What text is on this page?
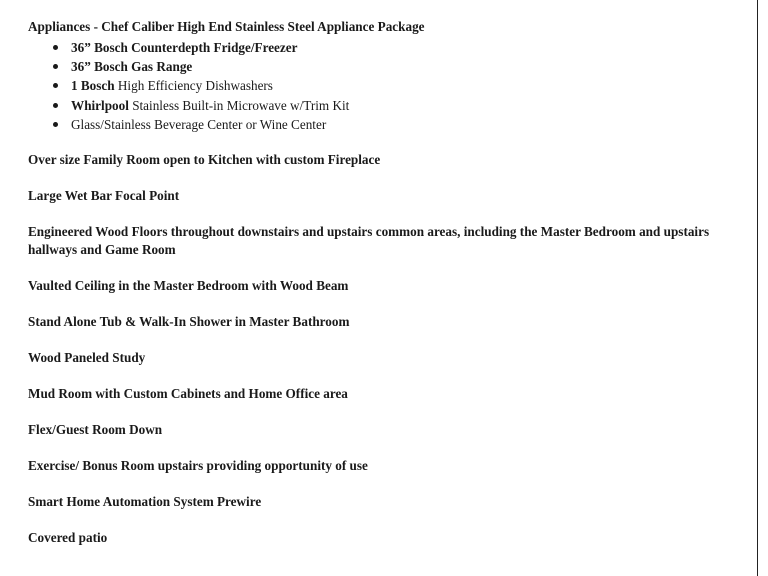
Appliances - Chef Caliber High End Stainless Steel Appliance Package

36” Bosch Counterdepth Fridge/Freezer
36” Bosch Gas Range
1 Bosch High Efficiency Dishwashers
Whirlpool Stainless Built-in Microwave w/Trim Kit
Glass/Stainless Beverage Center or Wine Center

Over size Family Room open to Kitchen with custom Fireplace

Large Wet Bar Focal Point

Engineered Wood Floors throughout downstairs and upstairs common areas, including the Master Bedroom and upstairs hallways and Game Room

Vaulted Ceiling in the Master Bedroom with Wood Beam

Stand Alone Tub & Walk-In Shower in Master Bathroom

Wood Paneled Study

Mud Room with Custom Cabinets and Home Office area

Flex/Guest Room Down

Exercise/ Bonus Room upstairs providing opportunity of use

Smart Home Automation System Prewire

Covered patio
